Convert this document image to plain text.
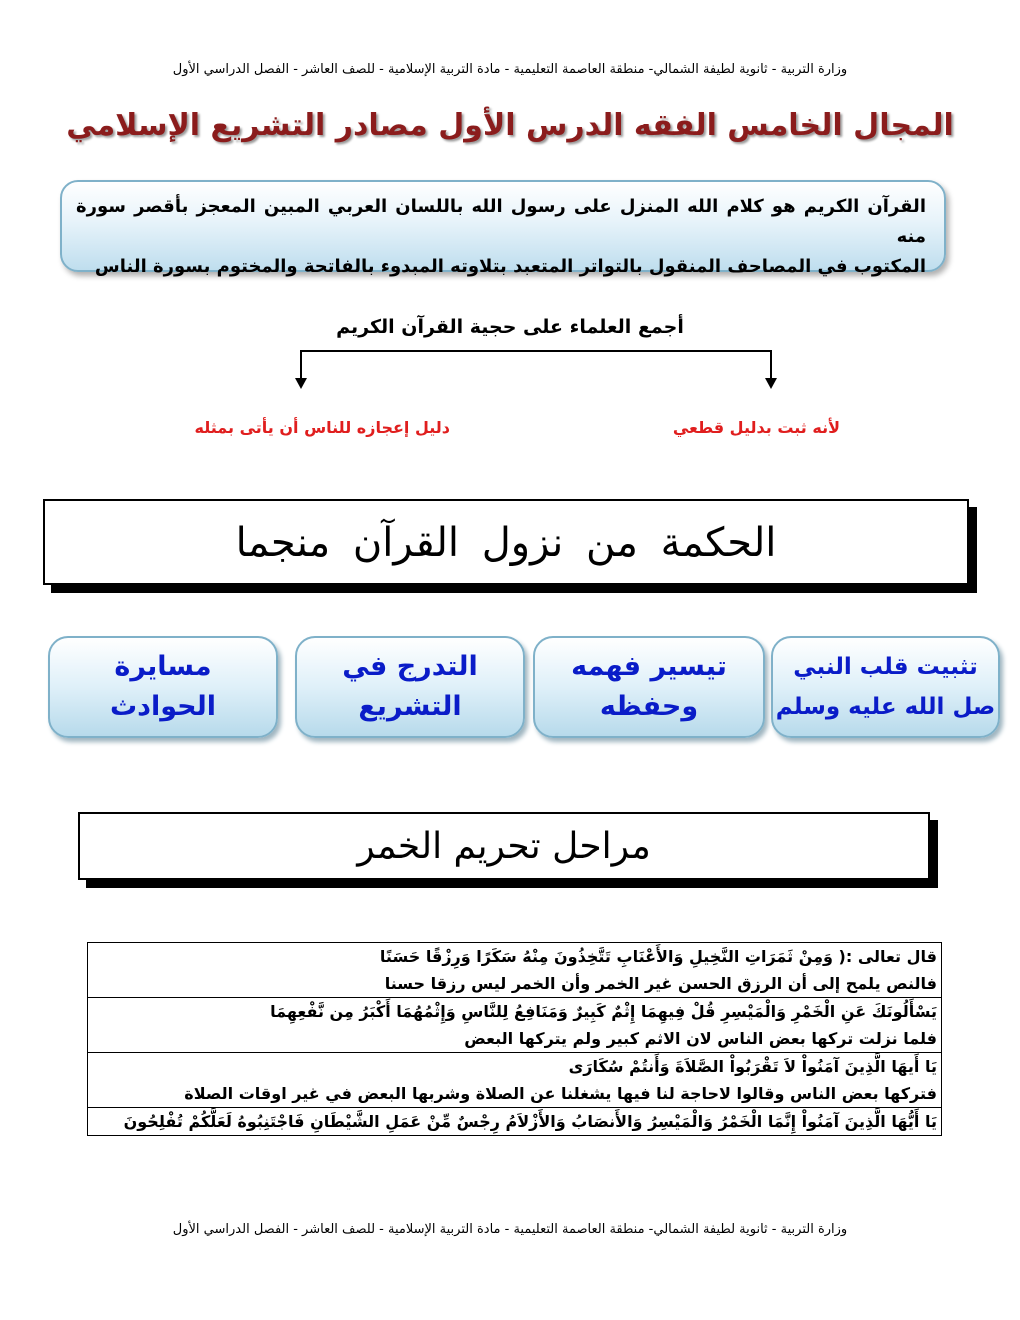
وزارة التربية - ثانوية لطيفة الشمالي- منطقة العاصمة التعليمية - مادة التربية الإسلامية - للصف العاشر - الفصل الدراسي الأول
المجال الخامس الفقه الدرس الأول مصادر التشريع الإسلامي
القرآن الكريم هو كلام الله المنزل على رسول الله باللسان العربي المبين المعجز بأقصر سورة منه
المكتوب في المصاحف المنقول بالتواتر المتعبد بتلاوته المبدوء بالفاتحة والمختوم بسورة الناس
أجمع العلماء على حجية القرآن الكريم
لأنه ثبت بدليل قطعي
دليل إعجازه للناس أن يأتى بمثله
الحكمة من نزول القرآن منجما
تثبيت قلب النبي
صل الله عليه وسلم
تيسير فهمه
وحفظه
التدرج في
التشريع
مسايرة
الحوادث
مراحل تحريم الخمر
قال تعالى :( وَمِنْ ثَمَرَاتِ النَّخِيلِ وَالأَعْنَابِ تَتَّخِذُونَ مِنْهُ سَكَرًا وَرِزْقًا حَسَنًا
فالنص يلمح إلى أن الرزق الحسن غير الخمر وأن الخمر ليس رزقا حسنا

يَسْأَلُونَكَ عَنِ الْخَمْرِ وَالْمَيْسِرِ قُلْ فِيهِمَا إِثْمٌ كَبِيرٌ وَمَنَافِعُ لِلنَّاسِ وَإِثْمُهُمَا أَكْبَرُ مِن نَّفْعِهِمَا
فلما نزلت تركها بعض الناس لان الاثم كبير ولم يتركها البعض

يَا أَيهَا الَّذِينَ آمَنُواْ لاَ تَقْرَبُواْ الصَّلاَةَ وَأَنتُمْ سُكَارَى
فتركها بعض الناس وقالوا لاحاجة لنا فيها يشغلنا عن الصلاة وشربها البعض في غير اوقات الصلاة

يَا أَيُّهَا الَّذِينَ آمَنُواْ إِنَّمَا الْخَمْرُ وَالْمَيْسِرُ وَالأَنصَابُ وَالأَزْلاَمُ رِجْسٌ مِّنْ عَمَلِ الشَّيْطَانِ فَاجْتَنِبُوهُ لَعَلَّكُمْ تُفْلِحُونَ
وزارة التربية - ثانوية لطيفة الشمالي- منطقة العاصمة التعليمية - مادة التربية الإسلامية - للصف العاشر - الفصل الدراسي الأول
